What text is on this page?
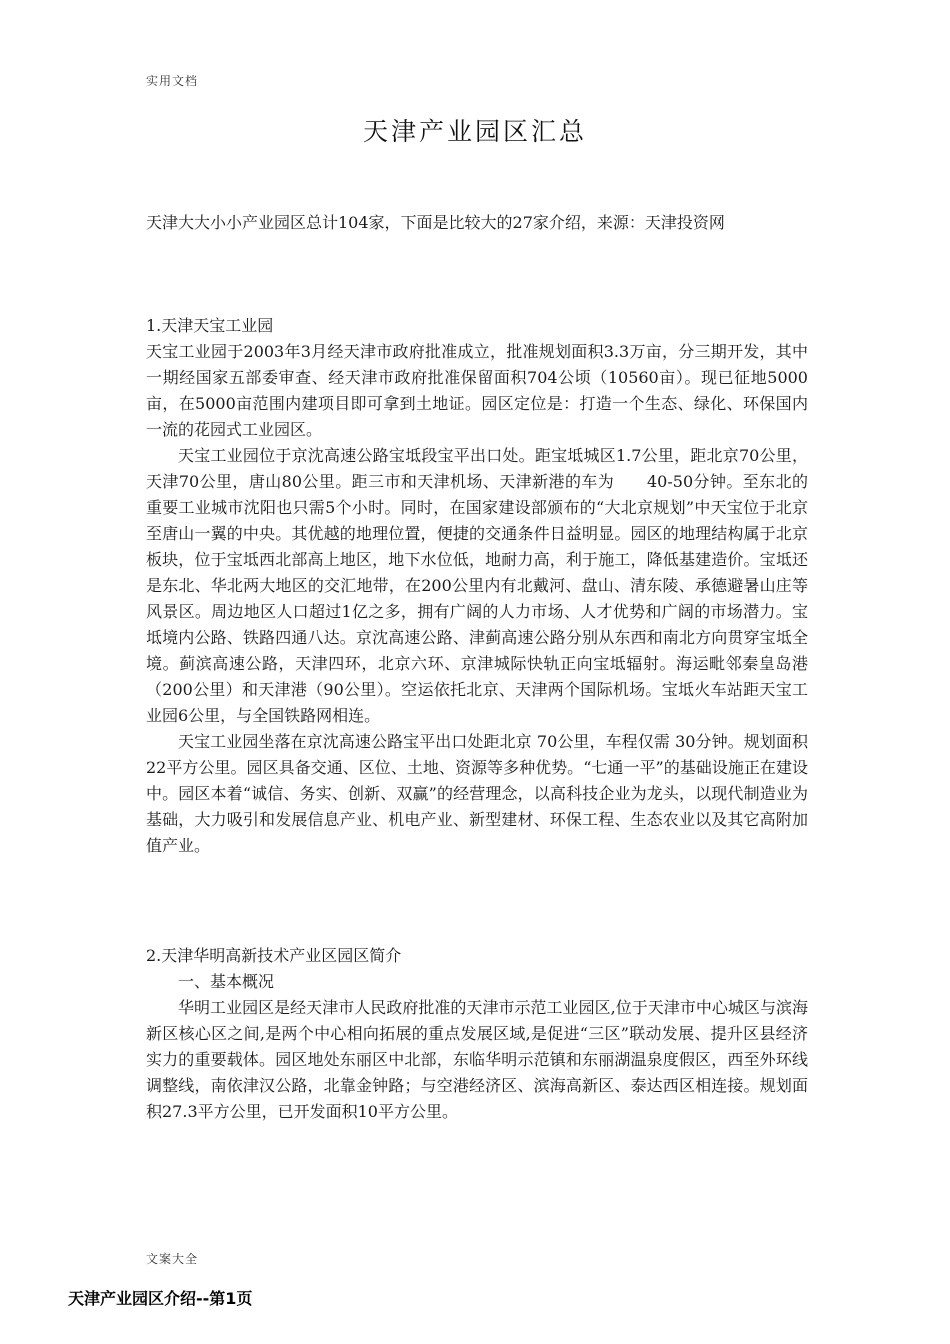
实用文档
天津产业园区汇总

天津大大小小产业园区总计104家，下面是比较大的27家介绍，来源：天津投资网

1.天津天宝工业园

天宝工业园于2003年3月经天津市政府批准成立，批准规划面积3.3万亩，分三期开发，其中一期经国家五部委审查、经天津市政府批准保留面积704公顷（10560亩）。现已征地5000亩，在5000亩范围内建项目即可拿到土地证。园区定位是：打造一个生态、绿化、环保国内一流的花园式工业园区。

天宝工业园位于京沈高速公路宝坻段宝平出口处。距宝坻城区1.7公里，距北京70公里，天津70公里，唐山80公里。距三市和天津机场、天津新港的车为　　40-50分钟。至东北的重要工业城市沈阳也只需5个小时。同时，在国家建设部颁布的“大北京规划”中天宝位于北京至唐山一翼的中央。其优越的地理位置，便捷的交通条件日益明显。园区的地理结构属于北京板块，位于宝坻西北部高上地区，地下水位低，地耐力高，利于施工，降低基建造价。宝坻还是东北、华北两大地区的交汇地带，在200公里内有北戴河、盘山、清东陵、承德避暑山庄等风景区。周边地区人口超过1亿之多，拥有广阔的人力市场、人才优势和广阔的市场潜力。宝坻境内公路、铁路四通八达。京沈高速公路、津蓟高速公路分别从东西和南北方向贯穿宝坻全境。蓟滨高速公路，天津四环，北京六环、京津城际快轨正向宝坻辐射。海运毗邻秦皇岛港（200公里）和天津港（90公里）。空运依托北京、天津两个国际机场。宝坻火车站距天宝工业园6公里，与全国铁路网相连。

天宝工业园坐落在京沈高速公路宝平出口处距北京 70公里，车程仅需 30分钟。规划面积22平方公里。园区具备交通、区位、土地、资源等多种优势。“七通一平”的基础设施正在建设中。园区本着“诚信、务实、创新、双赢”的经营理念，以高科技企业为龙头，以现代制造业为基础，大力吸引和发展信息产业、机电产业、新型建材、环保工程、生态农业以及其它高附加值产业。

2.天津华明高新技术产业区园区简介

一、基本概况

华明工业园区是经天津市人民政府批准的天津市示范工业园区,位于天津市中心城区与滨海新区核心区之间,是两个中心相向拓展的重点发展区域,是促进“三区”联动发展、提升区县经济实力的重要载体。园区地处东丽区中北部，东临华明示范镇和东丽湖温泉度假区，西至外环线调整线，南依津汉公路，北靠金钟路；与空港经济区、滨海高新区、泰达西区相连接。规划面积27.3平方公里，已开发面积10平方公里。

文案大全
天津产业园区介绍--第1页
